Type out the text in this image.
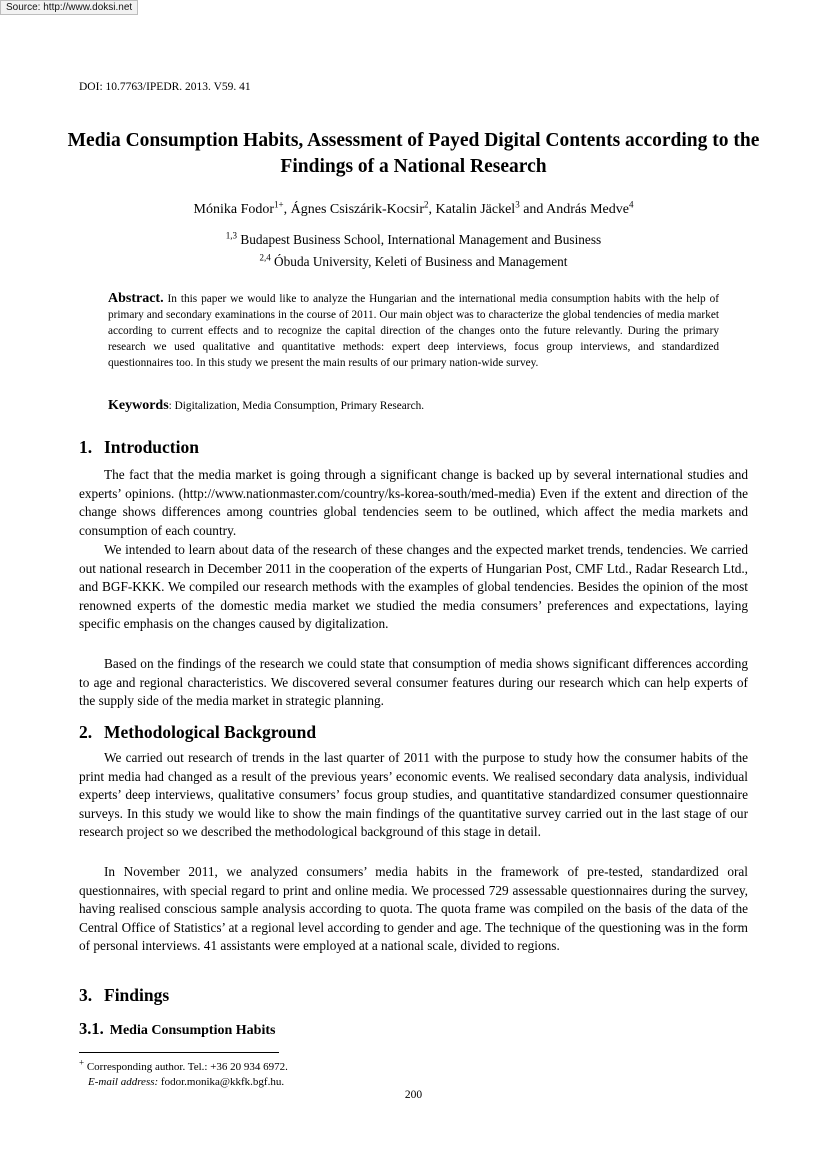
Source: http://www.doksi.net
DOI: 10.7763/IPEDR. 2013. V59. 41
Media Consumption Habits, Assessment of Payed Digital Contents according to the Findings of a National Research
Mónika Fodor$^{1+}$, Ágnes Csiszárik-Kocsir$^2$, Katalin Jäckel$^3$ and András Medve$^4$
$^{1,3}$ Budapest Business School, International Management and Business
$^{2,4}$ Óbuda University, Keleti of Business and Management
Abstract. In this paper we would like to analyze the Hungarian and the international media consumption habits with the help of primary and secondary examinations in the course of 2011. Our main object was to characterize the global tendencies of media market according to current effects and to recognize the capital direction of the changes onto the future relevantly. During the primary research we used qualitative and quantitative methods: expert deep interviews, focus group interviews, and standardized questionnaires too. In this study we present the main results of our primary nation-wide survey.
Keywords: Digitalization, Media Consumption, Primary Research.
1. Introduction

The fact that the media market is going through a significant change is backed up by several international studies and experts’ opinions. (http://www.nationmaster.com/country/ks-korea-south/med-media) Even if the extent and direction of the change shows differences among countries global tendencies seem to be outlined, which affect the media markets and consumption of each country.

We intended to learn about data of the research of these changes and the expected market trends, tendencies. We carried out national research in December 2011 in the cooperation of the experts of Hungarian Post, CMF Ltd., Radar Research Ltd., and BGF-KKK. We compiled our research methods with the examples of global tendencies. Besides the opinion of the most renowned experts of the domestic media market we studied the media consumers’ preferences and expectations, laying specific emphasis on the changes caused by digitalization.

Based on the findings of the research we could state that consumption of media shows significant differences according to age and regional characteristics. We discovered several consumer features during our research which can help experts of the supply side of the media market in strategic planning.

2. Methodological Background

We carried out research of trends in the last quarter of 2011 with the purpose to study how the consumer habits of the print media had changed as a result of the previous years’ economic events. We realised secondary data analysis, individual experts’ deep interviews, qualitative consumers’ focus group studies, and quantitative standardized consumer questionnaire surveys. In this study we would like to show the main findings of the quantitative survey carried out in the last stage of our research project so we described the methodological background of this stage in detail.

In November 2011, we analyzed consumers’ media habits in the framework of pre-tested, standardized oral questionnaires, with special regard to print and online media. We processed 729 assessable questionnaires during the survey, having realised conscious sample analysis according to quota. The quota frame was compiled on the basis of the data of the Central Office of Statistics’ at a regional level according to gender and age. The technique of the questioning was in the form of personal interviews. 41 assistants were employed at a national scale, divided to regions.

3. Findings
3.1. Media Consumption Habits
+ Corresponding author. Tel.: +36 20 934 6972.
E-mail address: fodor.monika@kkfk.bgf.hu.
200
